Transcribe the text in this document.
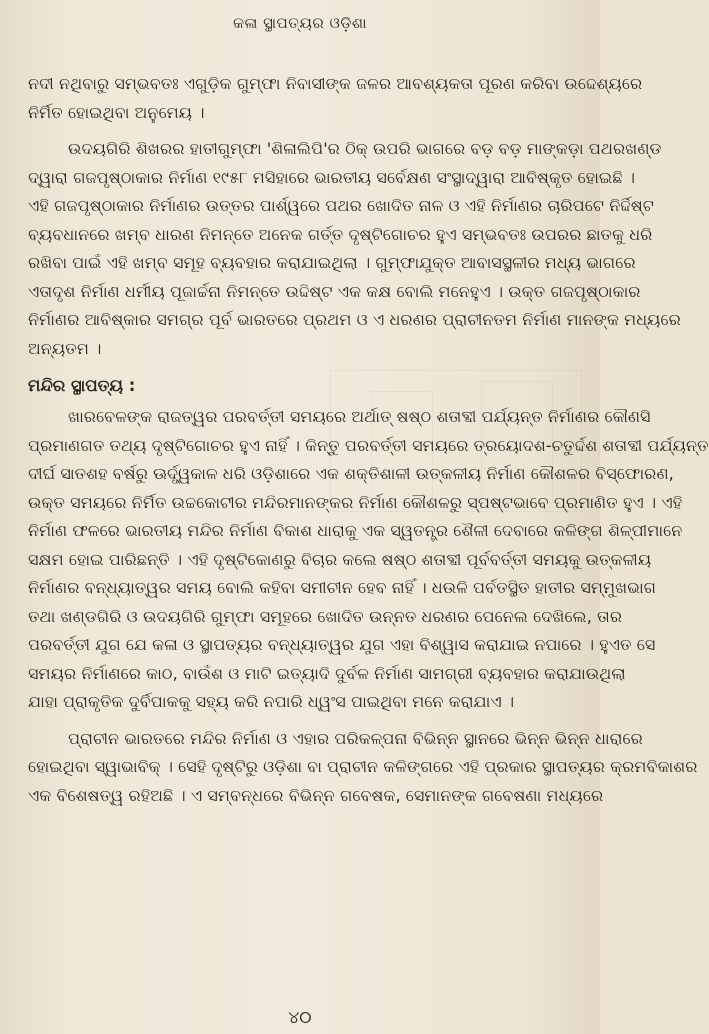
କଳା ସ୍ଥାପତ୍ୟର ଓଡ଼ିଶା
ନଦୀ ନଥିବାରୁ ସମ୍ଭବତଃ ଏଗୁଡ଼ିକ ଗୁମ୍ଫା ନିବାସୀଙ୍କ ଜଳର ଆବଶ୍ୟକତା ପୂରଣ କରିବା ଉଦ୍ଦେଶ୍ୟରେ
ନିର୍ମିତ ହୋଇଥିବା ଅନୁମେୟ ।
ଉଦୟଗିରି ଶିଖରର ହାତୀଗୁମ୍ଫା 'ଶିଳାଲିପି'ର ଠିକ୍ ଉପରି ଭାଗରେ ବଡ଼ ବଡ଼ ମାଙ୍କଡ଼ା ପଥରଖଣ୍ଡ
ଦ୍ୱାରା ଗଜପୃଷ୍ଠାକାର ନିର୍ମାଣ ୧୯୫୮ ମସିହାରେ ଭାରତୀୟ ସର୍ବେକ୍ଷଣ ସଂସ୍ଥାଦ୍ୱାରା ଆବିଷ୍କୃତ ହୋଇଛି ।
ଏହି ଗଜପୃଷ୍ଠାକାର ନିର୍ମାଣର ଉତ୍ତର ପାର୍ଶ୍ୱରେ ପଥର ଖୋଦିତ ନାଳ ଓ ଏହି ନିର୍ମାଣର ଚାରିପଟେ ନିର୍ଦ୍ଦିଷ୍ଟ
ବ୍ୟବଧାନରେ ଖମ୍ବ ଧାରଣ ନିମନ୍ତେ ଅନେକ ଗର୍ତ୍ତ ଦୃଷ୍ଟିଗୋଚର ହୁଏ ସମ୍ଭବତଃ ଉପରର ଛାତକୁ ଧରି
ରଖିବା ପାଇଁ ଏହି ଖମ୍ବ ସମୂହ ବ୍ୟବହାର କରାଯାଇଥିଲା । ଗୁମ୍ଫାଯୁକ୍ତ ଆବାସସ୍ଥଳୀର ମଧ୍ୟ ଭାଗରେ
ଏତାଦୃଶ ନିର୍ମାଣ ଧର୍ମୀୟ ପୂଜାର୍ଚ୍ଚନା ନିମନ୍ତେ ଉଦ୍ଦିଷ୍ଟ ଏକ କକ୍ଷ ବୋଲି ମନେହୁଏ । ଉକ୍ତ ଗଜପୃଷ୍ଠାକାର
ନିର୍ମାଣର ଆବିଷ୍କାର ସମଗ୍ର ପୂର୍ବ ଭାରତରେ ପ୍ରଥମ ଓ ଏ ଧରଣର ପ୍ରାଚୀନତମ ନିର୍ମାଣ ମାନଙ୍କ ମଧ୍ୟରେ
ଅନ୍ୟତମ ।
ମନ୍ଦିର ସ୍ଥାପତ୍ୟ :
ଖାରବେଳଙ୍କ ରାଜତ୍ୱର ପରବର୍ତ୍ତୀ ସମୟରେ ଅର୍ଥାତ୍ ଷଷ୍ଠ ଶତାବ୍ଦୀ ପର୍ଯ୍ୟନ୍ତ ନିର୍ମାଣର କୌଣସି
ପ୍ରମାଣଗତ ତଥ୍ୟ ଦୃଷ୍ଟିଗୋଚର ହୁଏ ନାହିଁ । କିନ୍ତୁ ପରବର୍ତ୍ତୀ ସମୟରେ ତ୍ରୟୋଦଶ-ଚତୁର୍ଦ୍ଦଶ ଶତାବ୍ଦୀ ପର୍ଯ୍ୟନ୍ତ
ଦୀର୍ଘ ସାତଶହ ବର୍ଷରୁ ଊର୍ଦ୍ଧ୍ୱକାଳ ଧରି ଓଡ଼ିଶାରେ ଏକ ଶକ୍ତିଶାଳୀ ଉତ୍କଳୀୟ ନିର୍ମାଣ କୌଶଳର ବିସ୍ଫୋରଣ,
ଉକ୍ତ ସମୟରେ ନିର୍ମିତ ଉଚ୍ଚକୋଟୀର ମନ୍ଦିରମାନଙ୍କର ନିର୍ମାଣ କୌଶଳରୁ ସ୍ପଷ୍ଟଭାବେ ପ୍ରମାଣିତ ହୁଏ । ଏହି
ନିର୍ମାଣ ଫଳରେ ଭାରତୀୟ ମନ୍ଦିର ନିର୍ମାଣ ବିକାଶ ଧାରାକୁ ଏକ ସ୍ୱତନ୍ତ୍ର ଶୈଳୀ ଦେବାରେ କଳିଙ୍ଗ ଶିଳ୍ପୀମାନେ
ସକ୍ଷମ ହୋଇ ପାରିଛନ୍ତି । ଏହି ଦୃଷ୍ଟିକୋଣରୁ ବିଚାର କଲେ ଷଷ୍ଠ ଶତାବ୍ଦୀ ପୂର୍ବବର୍ତ୍ତୀ ସମୟକୁ ଉତ୍କଳୀୟ
ନିର୍ମାଣର ବନ୍ଧ୍ୟାତ୍ୱର ସମୟ ବୋଲି କହିବା ସମୀଚୀନ ହେବ ନାହିଁ । ଧଉଳି ପର୍ବତସ୍ଥିତ ହାତୀର ସମ୍ମୁଖଭାଗ
ତଥା ଖଣ୍ଡଗିରି ଓ ଉଦୟଗିରି ଗୁମ୍ଫା ସମୂହରେ ଖୋଦିତ ଉନ୍ନତ ଧରଣର ପେନେଲ ଦେଖିଲେ, ତାର
ପରବର୍ତ୍ତୀ ଯୁଗ ଯେ କଳା ଓ ସ୍ଥାପତ୍ୟର ବନ୍ଧ୍ୟାତ୍ୱର ଯୁଗ ଏହା ବିଶ୍ୱାସ କରାଯାଇ ନପାରେ । ହୁଏତ ସେ
ସମୟର ନିର୍ମାଣରେ କାଠ, ବାଉଁଶ ଓ ମାଟି ଇତ୍ୟାଦି ଦୁର୍ବଳ ନିର୍ମାଣ ସାମଗ୍ରୀ ବ୍ୟବହାର କରାଯାଉଥିଲା
ଯାହା ପ୍ରାକୃତିକ ଦୁର୍ବିପାକକୁ ସହ୍ୟ କରି ନପାରି ଧ୍ୱଂସ ପାଇଥିବା ମନେ କରାଯାଏ ।
ପ୍ରାଚୀନ ଭାରତରେ ମନ୍ଦିର ନିର୍ମାଣ ଓ ଏହାର ପରିକଳ୍ପନା ବିଭିନ୍ନ ସ୍ଥାନରେ ଭିନ୍ନ ଭିନ୍ନ ଧାରାରେ
ହୋଇଥିବା ସ୍ୱାଭାବିକ୍ । ସେହି ଦୃଷ୍ଟିରୁ ଓଡ଼ିଶା ବା ପ୍ରାଚୀନ କଳିଙ୍ଗରେ ଏହି ପ୍ରକାର ସ୍ଥାପତ୍ୟର କ୍ରମବିକାଶର
ଏକ ବିଶେଷତ୍ୱ ରହିଅଛି । ଏ ସମ୍ବନ୍ଧରେ ବିଭିନ୍ନ ଗବେଷକ, ସେମାନଙ୍କ ଗବେଷଣା ମଧ୍ୟରେ
୪୦
